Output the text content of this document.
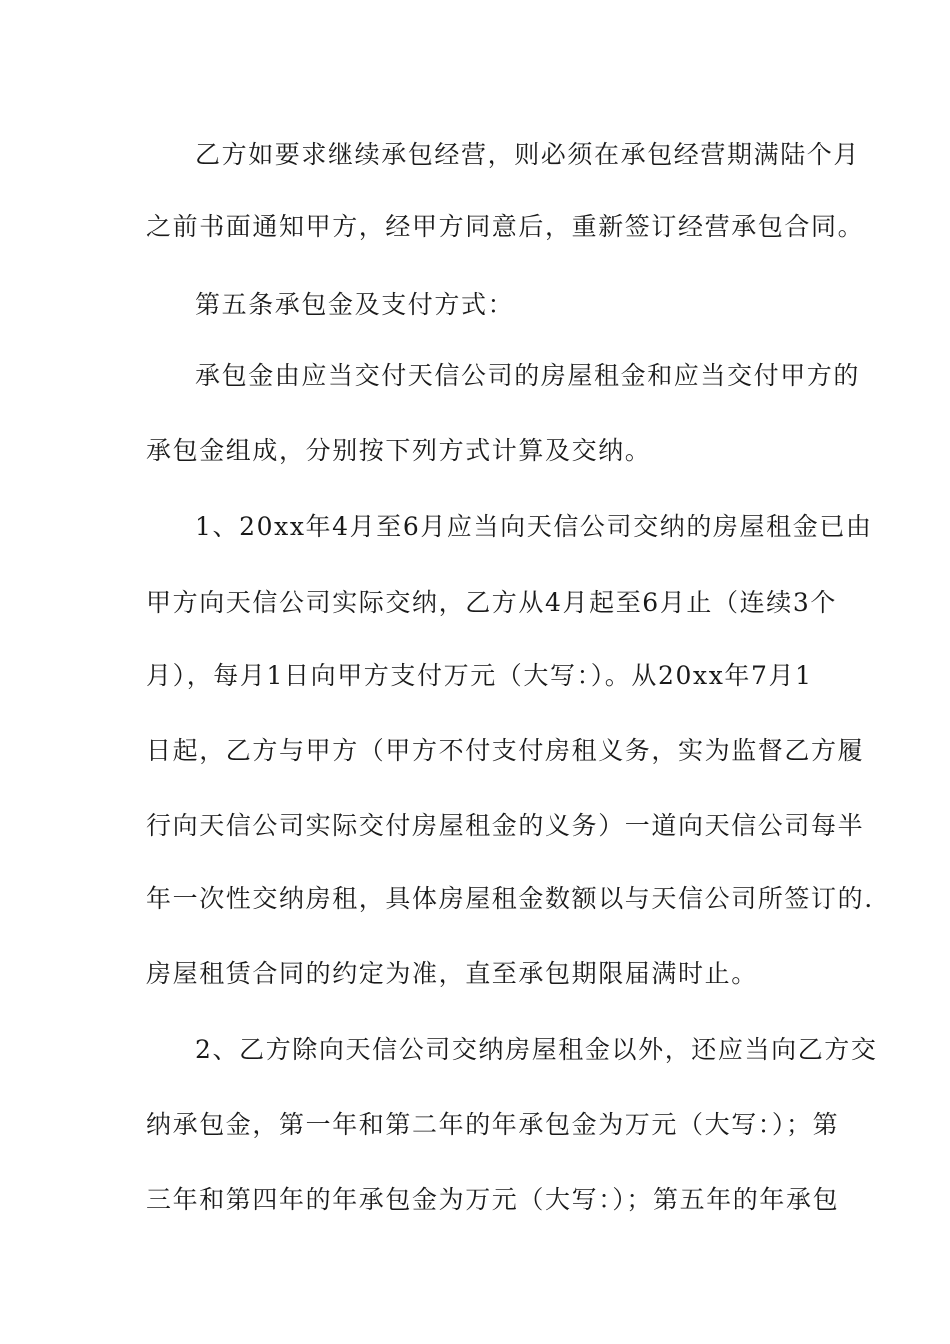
乙方如要求继续承包经营，则必须在承包经营期满陆个月
之前书面通知甲方，经甲方同意后，重新签订经营承包合同。
第五条承包金及支付方式：
承包金由应当交付天信公司的房屋租金和应当交付甲方的
承包金组成，分别按下列方式计算及交纳。
1、20xx年4月至6月应当向天信公司交纳的房屋租金已由
甲方向天信公司实际交纳，乙方从4月起至6月止（连续3个
月），每月1日向甲方支付万元（大写：）。从20xx年7月1
日起，乙方与甲方（甲方不付支付房租义务，实为监督乙方履
行向天信公司实际交付房屋租金的义务）一道向天信公司每半
年一次性交纳房租，具体房屋租金数额以与天信公司所签订的.
房屋租赁合同的约定为准，直至承包期限届满时止。
2、乙方除向天信公司交纳房屋租金以外，还应当向乙方交
纳承包金，第一年和第二年的年承包金为万元（大写：）；第
三年和第四年的年承包金为万元（大写：）；第五年的年承包
